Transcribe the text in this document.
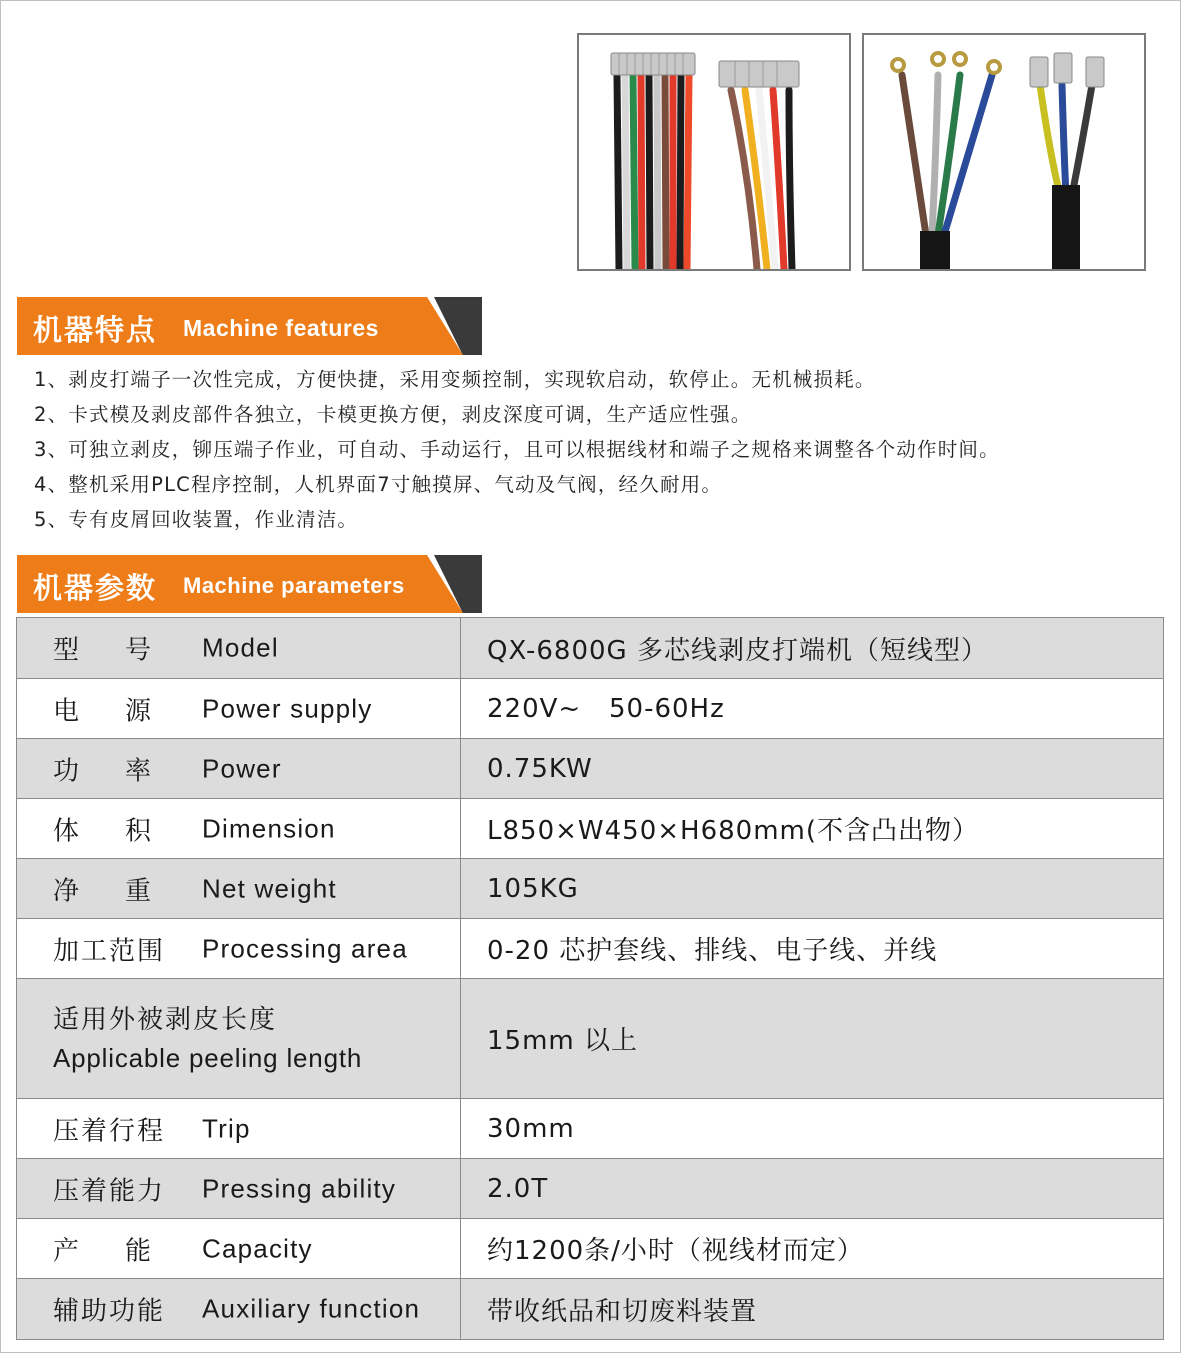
机器特点 Machine features
1、剥皮打端子一次性完成，方便快捷，采用变频控制，实现软启动，软停止。无机械损耗。
2、卡式模及剥皮部件各独立，卡模更换方便，剥皮深度可调，生产适应性强。
3、可独立剥皮，铆压端子作业，可自动、手动运行，且可以根据线材和端子之规格来调整各个动作时间。
4、整机采用PLC程序控制，人机界面7寸触摸屏、气动及气阀，经久耐用。
5、专有皮屑回收装置，作业清洁。
机器参数 Machine parameters
型号 Model	QX-6800G 多芯线剥皮打端机（短线型）

电源 Power supply	220V~   50-60Hz

功率 Power	0.75KW

体积 Dimension	L850×W450×H680mm(不含凸出物）

净重 Net weight	105KG

加工范围 Processing area	0-20 芯护套线、排线、电子线、并线

适用外被剥皮长度
Applicable peeling length	15mm 以上

压着行程 Trip	30mm

压着能力 Pressing ability	2.0T

产能 Capacity	约1200条/小时（视线材而定）

辅助功能 Auxiliary function	带收纸品和切废料装置
